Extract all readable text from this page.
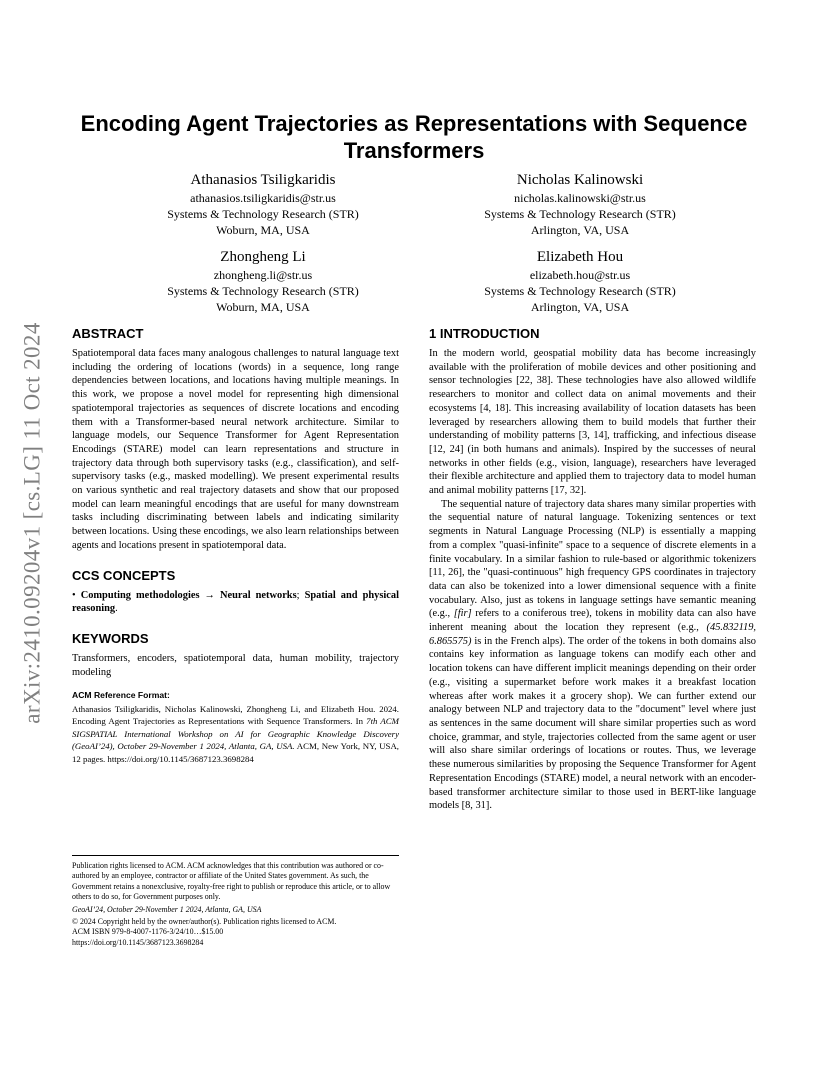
arXiv:2410.09204v1 [cs.LG] 11 Oct 2024
Encoding Agent Trajectories as Representations with Sequence Transformers
Athanasios Tsiligkaridis
athanasios.tsiligkaridis@str.us
Systems & Technology Research (STR)
Woburn, MA, USA
Nicholas Kalinowski
nicholas.kalinowski@str.us
Systems & Technology Research (STR)
Arlington, VA, USA
Zhongheng Li
zhongheng.li@str.us
Systems & Technology Research (STR)
Woburn, MA, USA
Elizabeth Hou
elizabeth.hou@str.us
Systems & Technology Research (STR)
Arlington, VA, USA
ABSTRACT

Spatiotemporal data faces many analogous challenges to natural language text including the ordering of locations (words) in a sequence, long range dependencies between locations, and locations having multiple meanings. In this work, we propose a novel model for representing high dimensional spatiotemporal trajectories as sequences of discrete locations and encoding them with a Transformer-based neural network architecture. Similar to language models, our Sequence Transformer for Agent Representation Encodings (STARE) model can learn representations and structure in trajectory data through both supervisory tasks (e.g., classification), and self-supervisory tasks (e.g., masked modelling). We present experimental results on various synthetic and real trajectory datasets and show that our proposed model can learn meaningful encodings that are useful for many downstream tasks including discriminating between labels and indicating similarity between locations. Using these encodings, we also learn relationships between agents and locations present in spatiotemporal data.

CCS CONCEPTS

• Computing methodologies → Neural networks; Spatial and physical reasoning.

KEYWORDS

Transformers, encoders, spatiotemporal data, human mobility, trajectory modeling

ACM Reference Format:

Athanasios Tsiligkaridis, Nicholas Kalinowski, Zhongheng Li, and Elizabeth Hou. 2024. Encoding Agent Trajectories as Representations with Sequence Transformers. In 7th ACM SIGSPATIAL International Workshop on AI for Geographic Knowledge Discovery (GeoAI’24), October 29-November 1 2024, Atlanta, GA, USA. ACM, New York, NY, USA, 12 pages. https://doi.org/10.1145/3687123.3698284

Publication rights licensed to ACM. ACM acknowledges that this contribution was authored or co-authored by an employee, contractor or affiliate of the United States government. As such, the Government retains a nonexclusive, royalty-free right to publish or reproduce this article, or to allow others to do so, for Government purposes only.

GeoAI’24, October 29-November 1 2024, Atlanta, GA, USA

© 2024 Copyright held by the owner/author(s). Publication rights licensed to ACM.

ACM ISBN 979-8-4007-1176-3/24/10…$15.00

https://doi.org/10.1145/3687123.3698284

1 INTRODUCTION

In the modern world, geospatial mobility data has become increasingly available with the proliferation of mobile devices and other positioning and sensor technologies [22, 38]. These technologies have also allowed wildlife researchers to monitor and collect data on animal movements and their ecosystems [4, 18]. This increasing availability of location datasets has been leveraged by researchers allowing them to build models that further their understanding of mobility patterns [3, 14], trafficking, and infectious disease [12, 24] (in both humans and animals). Inspired by the successes of neural networks in other fields (e.g., vision, language), researchers have leveraged their flexible architecture and applied them to trajectory data to model human and animal mobility patterns [17, 32].

The sequential nature of trajectory data shares many similar properties with the sequential nature of natural language. Tokenizing sentences or text segments in Natural Language Processing (NLP) is essentially a mapping from a complex "quasi-infinite" space to a sequence of discrete elements in a finite vocabulary. In a similar fashion to rule-based or algorithmic tokenizers [11, 26], the "quasi-continuous" high frequency GPS coordinates in trajectory data can also be tokenized into a lower dimensional sequence with a finite vocabulary. Also, just as tokens in language settings have semantic meaning (e.g., [fir] refers to a coniferous tree), tokens in mobility data can also have inherent meaning about the location they represent (e.g., (45.832119, 6.865575) is in the French alps). The order of the tokens in both domains also contains key information as language tokens can modify each other and location tokens can have different implicit meanings depending on their order (e.g., visiting a supermarket before work makes it a breakfast location whereas after work makes it a grocery shop). We can further extend our analogy between NLP and trajectory data to the "document" level where just as sentences in the same document will share similar properties such as word choice, grammar, and style, trajectories collected from the same agent or user will also share similar orderings of locations or routes. Thus, we leverage these numerous similarities by proposing the Sequence Transformer for Agent Representation Encodings (STARE) model, a neural network with an encoder-based transformer architecture similar to those used in BERT-like language models [8, 31].
